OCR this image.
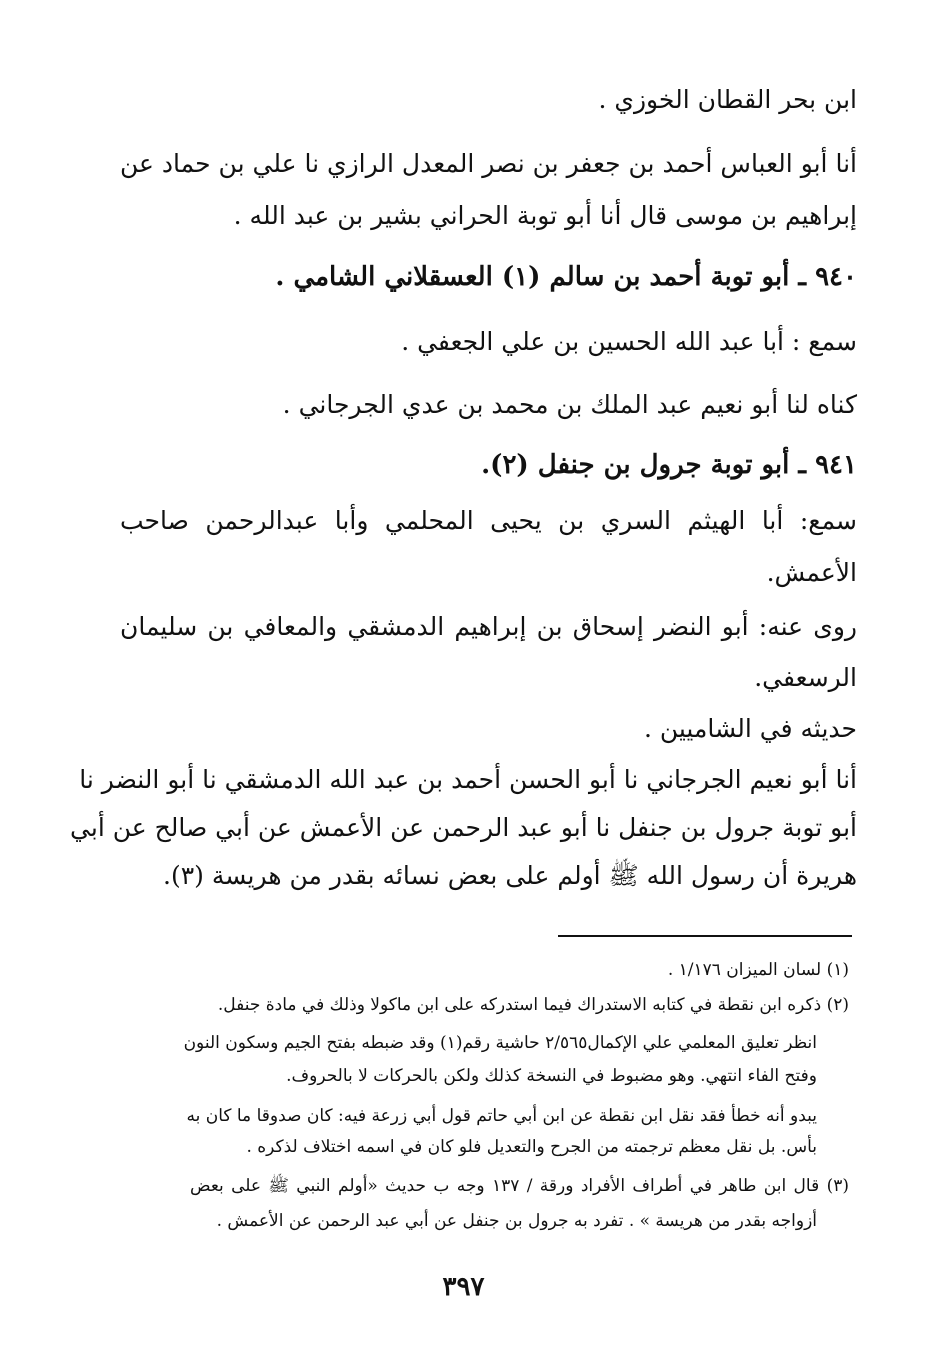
ابن بحر القطان الخوزي .
أنا أبو العباس أحمد بن جعفر بن نصر المعدل الرازي نا علي بن حماد عن
إبراهيم بن موسى قال أنا أبو توبة الحراني بشير بن عبد الله .
٩٤٠ ـ أبو توبة أحمد بن سالم (١) العسقلاني الشامي .
سمع : أبا عبد الله الحسين بن علي الجعفي .
كناه لنا أبو نعيم عبد الملك بن محمد بن عدي الجرجاني .
٩٤١ ـ أبو توبة جرول بن جنفل (٢).
سمع: أبا الهيثم السري بن يحيى المحلمي وأبا عبدالرحمن صاحب
الأعمش.
روى عنه: أبو النضر إسحاق بن إبراهيم الدمشقي والمعافي بن سليمان
الرسعفي.
حديثه في الشاميين .
أنا أبو نعيم الجرجاني نا أبو الحسن أحمد بن عبد الله الدمشقي نا أبو النضر نا
أبو توبة جرول بن جنفل نا أبو عبد الرحمن عن الأعمش عن أبي صالح عن أبي
هريرة أن رسول الله ﷺ أولم على بعض نسائه بقدر من هريسة (٣).
(١) لسان الميزان ١/١٧٦ .
(٢) ذكره ابن نقطة في كتابه الاستدراك فيما استدركه على ابن ماكولا وذلك في مادة جنفل.
انظر تعليق المعلمي علي الإكمال٢/٥٦٥ حاشية رقم(١) وقد ضبطه بفتح الجيم وسكون النون
وفتح الفاء انتهي. وهو مضبوط في النسخة كذلك ولكن بالحركات لا بالحروف.
يبدو أنه خطأ فقد نقل ابن نقطة عن ابن أبي حاتم قول أبي زرعة فيه: كان صدوقا ما كان به
بأس. بل نقل معظم ترجمته من الجرح والتعديل فلو كان في اسمه اختلاف لذكره .
(٣) قال ابن طاهر في أطراف الأفراد ورقة / ١٣٧ وجه ب حديث «أولم النبي ﷺ على بعض
أزواجه بقدر من هريسة » . تفرد به جرول بن جنفل عن أبي عبد الرحمن عن الأعمش .
٣٩٧
